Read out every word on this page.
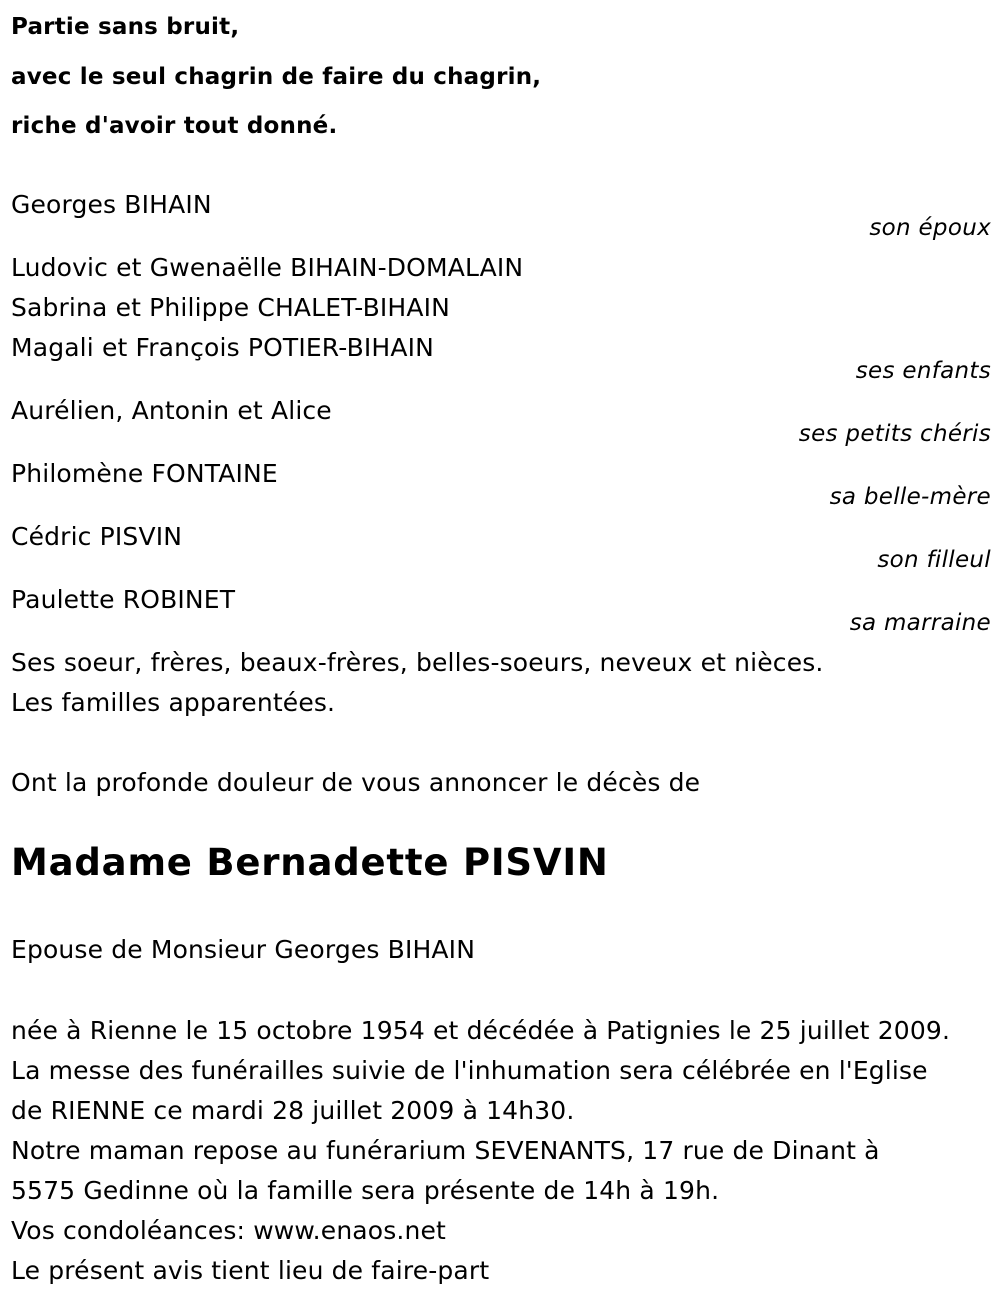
Partie sans bruit,
avec le seul chagrin de faire du chagrin,
riche d'avoir tout donné.
Georges BIHAIN
son époux
Ludovic et Gwenaëlle BIHAIN-DOMALAIN
Sabrina et Philippe CHALET-BIHAIN
Magali et François POTIER-BIHAIN
ses enfants
Aurélien, Antonin et Alice
ses petits chéris
Philomène FONTAINE
sa belle-mère
Cédric PISVIN
son filleul
Paulette ROBINET
sa marraine
Ses soeur, frères, beaux-frères, belles-soeurs, neveux et nièces.
Les familles apparentées.
Ont la profonde douleur de vous annoncer le décès de
Madame Bernadette PISVIN
Epouse de Monsieur Georges BIHAIN
née à Rienne le 15 octobre 1954 et décédée à Patignies le 25 juillet 2009.
La messe des funérailles suivie de l'inhumation sera célébrée en l'Eglise
de RIENNE ce mardi 28 juillet 2009 à 14h30.
Notre maman repose au funérarium SEVENANTS, 17 rue de Dinant à
5575 Gedinne où la famille sera présente de 14h à 19h.
Vos condoléances: www.enaos.net
Le présent avis tient lieu de faire-part
